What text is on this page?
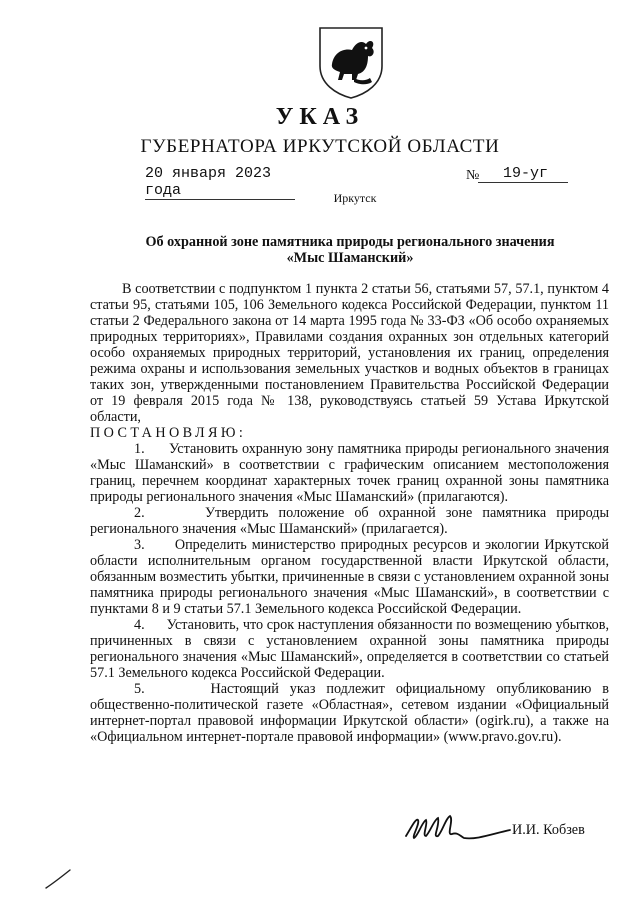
УКАЗ
ГУБЕРНАТОРА ИРКУТСКОЙ ОБЛАСТИ
20 января 2023 года
№	19-уг
Иркутск
Об охранной зоне памятника природы регионального значения
«Мыс Шаманский»

В соответствии с подпунктом 1 пункта 2 статьи 56, статьями 57, 57.1, пунктом 4 статьи 95, статьями 105, 106 Земельного кодекса Российской Федерации, пунктом 11 статьи 2 Федерального закона от 14 марта 1995 года № 33-ФЗ «Об особо охраняемых природных территориях», Правилами создания охранных зон отдельных категорий особо охраняемых природных территорий, установления их границ, определения режима охраны и использования земельных участков и водных объектов в границах таких зон, утвержденными постановлением Правительства Российской Федерации от 19 февраля 2015 года № 138, руководствуясь статьей 59 Устава Иркутской области,

ПОСТАНОВЛЯЮ:

1.      Установить охранную зону памятника природы регионального значения «Мыс Шаманский» в соответствии с графическим описанием местоположения границ, перечнем координат характерных точек границ охранной зоны памятника природы регионального значения «Мыс Шаманский» (прилагаются).

2.      Утвердить положение об охранной зоне памятника природы регионального значения «Мыс Шаманский» (прилагается).

3.      Определить министерство природных ресурсов и экологии Иркутской области исполнительным органом государственной власти Иркутской области, обязанным возместить убытки, причиненные в связи с установлением охранной зоны памятника природы регионального значения «Мыс Шаманский», в соответствии с пунктами 8 и 9 статьи 57.1 Земельного кодекса Российской Федерации.

4.      Установить, что срок наступления обязанности по возмещению убытков, причиненных в связи с установлением охранной зоны памятника природы регионального значения «Мыс Шаманский», определяется в соответствии со статьей 57.1 Земельного кодекса Российской Федерации.

5.      Настоящий указ подлежит официальному опубликованию в общественно-политической газете «Областная», сетевом издании «Официальный интернет-портал правовой информации Иркутской области» (ogirk.ru), а также на «Официальном интернет-портале правовой информации» (www.pravo.gov.ru).

И.И. Кобзев
